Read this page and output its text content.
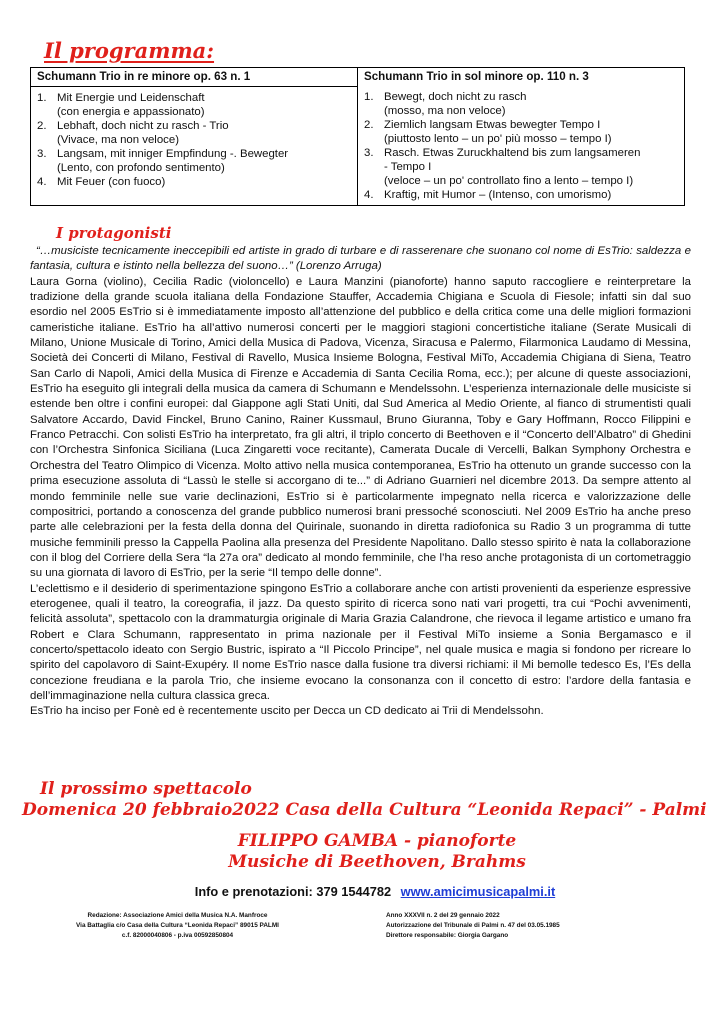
Il programma:
Schumann Trio in re minore op. 63 n. 1
1. Mit Energie und Leidenschaft
(con energia e appassionato)
2. Lebhaft, doch nicht zu rasch - Trio
(Vivace, ma non veloce)
3. Langsam, mit inniger Empfindung -. Bewegter
(Lento, con profondo sentimento)
4. Mit Feuer (con fuoco)

Schumann Trio in sol minore op. 110 n. 3
1. Bewegt, doch nicht zu rasch
(mosso, ma non veloce)
2. Ziemlich langsam Etwas bewegter Tempo I
(piuttosto lento – un po' più mosso – tempo I)
3. Rasch. Etwas Zuruckhaltend bis zum langsameren
- Tempo I
(veloce – un po' controllato fino a lento – tempo I)
4. Kraftig, mit Humor – (Intenso, con umorismo)
I protagonisti

“…musiciste tecnicamente ineccepibili ed artiste in grado di turbare e di rasserenare che suonano col nome di EsTrio: saldezza e fantasia, cultura e istinto nella bellezza del suono…” (Lorenzo Arruga)

Laura Gorna (violino), Cecilia Radic (violoncello) e Laura Manzini (pianoforte) hanno saputo raccogliere e reinterpretare la tradizione della grande scuola italiana della Fondazione Stauffer, Accademia Chigiana e Scuola di Fiesole; infatti sin dal suo esordio nel 2005 EsTrio si è immediatamente imposto all’attenzione del pubblico e della critica come una delle migliori formazioni cameristiche italiane. EsTrio ha all’attivo numerosi concerti per le maggiori stagioni concertistiche italiane (Serate Musicali di Milano, Unione Musicale di Torino, Amici della Musica di Padova, Vicenza, Siracusa e Palermo, Filarmonica Laudamo di Messina, Società dei Concerti di Milano, Festival di Ravello, Musica Insieme Bologna, Festival MiTo, Accademia Chigiana di Siena, Teatro San Carlo di Napoli, Amici della Musica di Firenze e Accademia di Santa Cecilia Roma, ecc.); per alcune di queste associazioni, EsTrio ha eseguito gli integrali della musica da camera di Schumann e Mendelssohn. L’esperienza internazionale delle musiciste si estende ben oltre i confini europei: dal Giappone agli Stati Uniti, dal Sud America al Medio Oriente, al fianco di strumentisti quali Salvatore Accardo, David Finckel, Bruno Canino, Rainer Kussmaul, Bruno Giuranna, Toby e Gary Hoffmann, Rocco Filippini e Franco Petracchi. Con solisti EsTrio ha interpretato, fra gli altri, il triplo concerto di Beethoven e il “Concerto dell’Albatro” di Ghedini con l’Orchestra Sinfonica Siciliana (Luca Zingaretti voce recitante), Camerata Ducale di Vercelli, Balkan Symphony Orchestra e Orchestra del Teatro Olimpico di Vicenza. Molto attivo nella musica contemporanea, EsTrio ha ottenuto un grande successo con la prima esecuzione assoluta di “Lassù le stelle si accorgano di te...” di Adriano Guarnieri nel dicembre 2013. Da sempre attento al mondo femminile nelle sue varie declinazioni, EsTrio si è particolarmente impegnato nella ricerca e valorizzazione delle compositrici, portando a conoscenza del grande pubblico numerosi brani pressoché sconosciuti. Nel 2009 EsTrio ha anche preso parte alle celebrazioni per la festa della donna del Quirinale, suonando in diretta radiofonica su Radio 3 un programma di tutte musiche femminili presso la Cappella Paolina alla presenza del Presidente Napolitano. Dallo stesso spirito è nata la collaborazione con il blog del Corriere della Sera “la 27a ora” dedicato al mondo femminile, che l’ha reso anche protagonista di un cortometraggio su una giornata di lavoro di EsTrio, per la serie “Il tempo delle donne”.

L’eclettismo e il desiderio di sperimentazione spingono EsTrio a collaborare anche con artisti provenienti da esperienze espressive eterogenee, quali il teatro, la coreografia, il jazz. Da questo spirito di ricerca sono nati vari progetti, tra cui “Pochi avvenimenti, felicità assoluta”, spettacolo con la drammaturgia originale di Maria Grazia Calandrone, che rievoca il legame artistico e umano fra Robert e Clara Schumann, rappresentato in prima nazionale per il Festival MiTo insieme a Sonia Bergamasco e il concerto/spettacolo ideato con Sergio Bustric, ispirato a “Il Piccolo Principe”, nel quale musica e magia si fondono per ricreare lo spirito del capolavoro di Saint-Exupéry. Il nome EsTrio nasce dalla fusione tra diversi richiami: il Mi bemolle tedesco Es, l’Es della concezione freudiana e la parola Trio, che insieme evocano la consonanza con il concetto di estro: l’ardore della fantasia e dell’immaginazione nella cultura classica greca.

EsTrio ha inciso per Fonè ed è recentemente uscito per Decca un CD dedicato ai Trii di Mendelssohn.

Il prossimo spettacolo
Domenica 20 febbraio2022 Casa della Cultura “Leonida Repaci” - Palmi
FILIPPO GAMBA - pianoforte
Musiche di Beethoven, Brahms
Info e prenotazioni: 379 1544782 www.amicimusicapalmi.it
Redazione: Associazione Amici della Musica N.A. Manfroce
Via Battaglia c/o Casa della Cultura “Leonida Repaci” 89015 PALMI
c.f. 82000040806 - p.iva 00592850804
Anno XXXVII n. 2 del 29 gennaio 2022
Autorizzazione del Tribunale di Palmi n. 47 del 03.05.1985
Direttore responsabile: Giorgia Gargano
